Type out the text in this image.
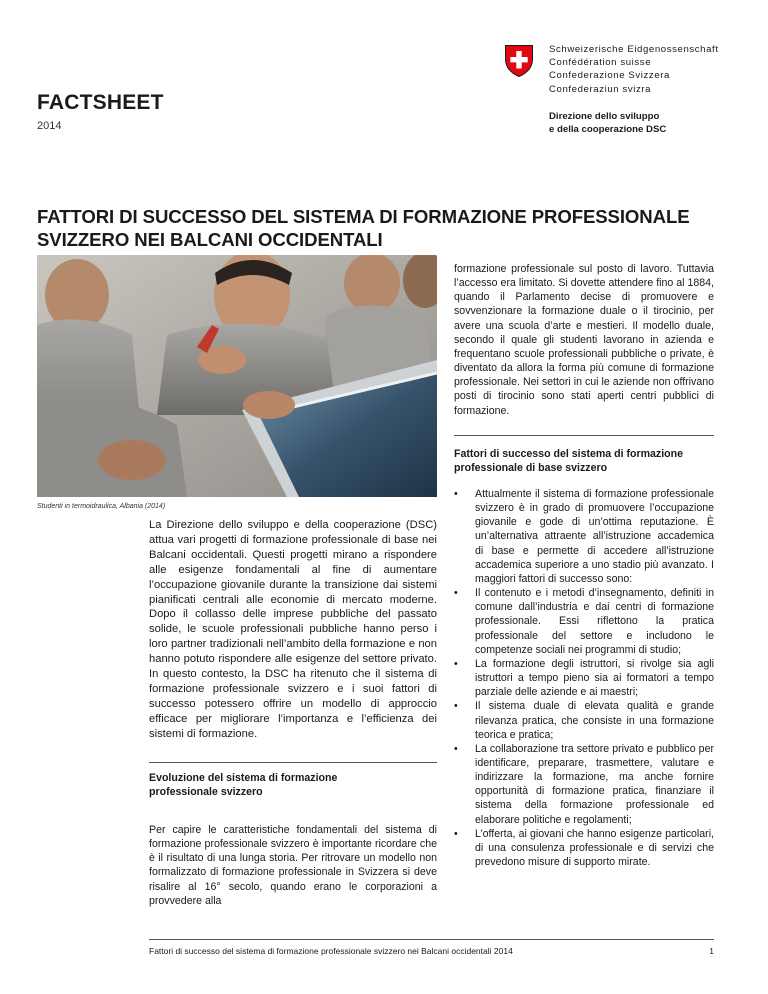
Schweizerische Eidgenossenschaft
Confédération suisse
Confederazione Svizzera
Confederaziun svizra
Direzione dello sviluppo
e della cooperazione DSC
FACTSHEET
2014
FATTORI DI SUCCESSO DEL SISTEMA DI FORMAZIONE PROFESSIONALE
SVIZZERO NEI BALCANI OCCIDENTALI
Studenti in termoidraulica, Albania (2014)
La Direzione dello sviluppo e della cooperazione (DSC) attua vari progetti di formazione professionale di base nei Balcani occidentali. Questi progetti mirano a rispondere alle esigenze fondamentali al fine di aumentare l’occupazione giovanile durante la transizione dai sistemi pianificati centrali alle economie di mercato moderne. Dopo il collasso delle imprese pubbliche del passato solide, le scuole professionali pubbliche hanno perso i loro partner tradizionali nell’ambito della formazione e non hanno potuto rispondere alle esigenze del settore privato. In questo contesto, la DSC ha ritenuto che il sistema di formazione professionale svizzero e i suoi fattori di successo potessero offrire un modello di approccio efficace per migliorare l’importanza e l’efficienza dei sistemi di formazione.
Evoluzione del sistema di formazione
professionale svizzero
Per capire le caratteristiche fondamentali del sistema di formazione professionale svizzero è importante ricordare che è il risultato di una lunga storia. Per ritrovare un modello non formalizzato di formazione professionale in Svizzera si deve risalire al 16° secolo, quando erano le corporazioni a provvedere alla
formazione professionale sul posto di lavoro. Tuttavia l’accesso era limitato. Si dovette attendere fino al 1884, quando il Parlamento decise di promuovere e sovvenzionare la formazione duale o il tirocinio, per avere una scuola d’arte e mestieri. Il modello duale, secondo il quale gli studenti lavorano in azienda e frequentano scuole professionali pubbliche o private, è diventato da allora la forma più comune di formazione professionale. Nei settori in cui le aziende non offrivano posti di tirocinio sono stati aperti centri pubblici di formazione.
Fattori di successo del sistema di formazione
professionale di base svizzero
• Attualmente il sistema di formazione professionale svizzero è in grado di promuovere l’occupazione giovanile e gode di un’ottima reputazione. È un’alternativa attraente all’istruzione accademica di base e permette di accedere all’istruzione accademica superiore a uno stadio più avanzato. I maggiori fattori di successo sono:
• Il contenuto e i metodi d’insegnamento, definiti in comune dall’industria e dai centri di formazione professionale. Essi riflettono la pratica professionale del settore e includono le competenze sociali nei programmi di studio;
• La formazione degli istruttori, si rivolge sia agli istruttori a tempo pieno sia ai formatori a tempo parziale delle aziende e ai maestri;
• Il sistema duale di elevata qualità e grande rilevanza pratica, che consiste in una formazione teorica e pratica;
• La collaborazione tra settore privato e pubblico per identificare, preparare, trasmettere, valutare e indirizzare la formazione, ma anche fornire opportunità di formazione pratica, finanziare il sistema della formazione professionale ed elaborare politiche e regolamenti;
• L’offerta, ai giovani che hanno esigenze particolari, di una consulenza professionale e di servizi che prevedono misure di supporto mirate.
Fattori di successo del sistema di formazione professionale svizzero nei Balcani occidentali 2014	1
